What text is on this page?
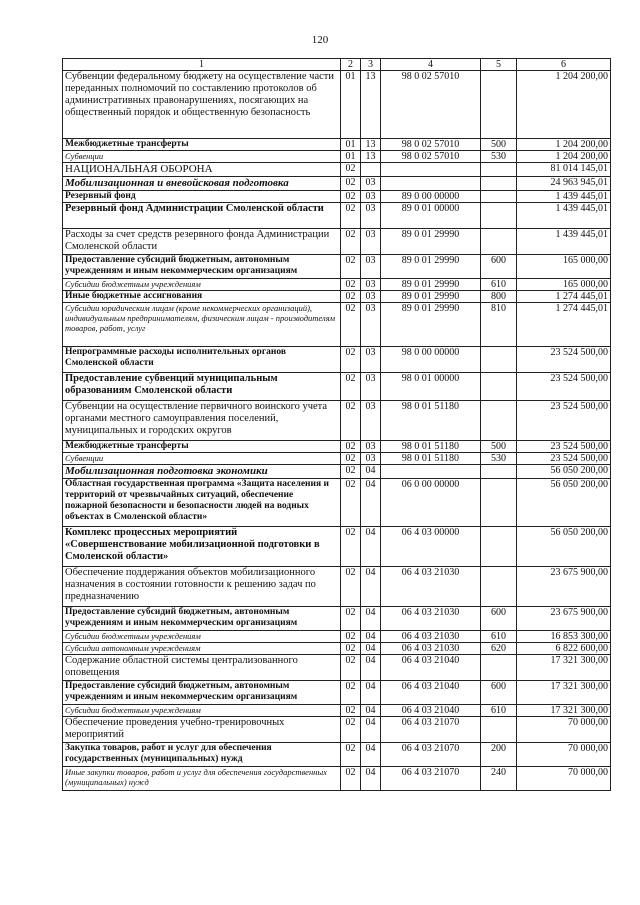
120
1	2	3	4	5	6
Субвенции федеральному бюджету на осуществление части переданных полномочий по составлению протоколов об административных правонарушениях, посягающих на общественный порядок и общественную безопасность	01	13	98 0 02 57010		1 204 200,00
Межбюджетные трансферты	01	13	98 0 02 57010	500	1 204 200,00
Субвенции	01	13	98 0 02 57010	530	1 204 200,00
НАЦИОНАЛЬНАЯ ОБОРОНА	02				81 014 145,01
Мобилизационная и вневойсковая подготовка	02	03			24 963 945,01
Резервный фонд	02	03	89 0 00 00000		1 439 445,01
Резервный фонд Администрации Смоленской области	02	03	89 0 01 00000		1 439 445,01
Расходы за счет средств резервного фонда Администрации Смоленской области	02	03	89 0 01 29990		1 439 445,01
Предоставление субсидий бюджетным, автономным учреждениям и иным некоммерческим организациям	02	03	89 0 01 29990	600	165 000,00
Субсидии бюджетным учреждениям	02	03	89 0 01 29990	610	165 000,00
Иные бюджетные ассигнования	02	03	89 0 01 29990	800	1 274 445,01
Субсидии юридическим лицам (кроме некоммерческих организаций), индивидуальным предпринимателям, физическим лицам - производителям товаров, работ, услуг	02	03	89 0 01 29990	810	1 274 445,01
Непрограммные расходы исполнительных органов Смоленской области	02	03	98 0 00 00000		23 524 500,00
Предоставление субвенций муниципальным образованиям Смоленской области	02	03	98 0 01 00000		23 524 500,00
Субвенции на осуществление первичного воинского учета органами местного самоуправления поселений, муниципальных и городских округов	02	03	98 0 01 51180		23 524 500,00
Межбюджетные трансферты	02	03	98 0 01 51180	500	23 524 500,00
Субвенции	02	03	98 0 01 51180	530	23 524 500,00
Мобилизационная подготовка экономики	02	04			56 050 200,00
Областная государственная программа «Защита населения и территорий от чрезвычайных ситуаций, обеспечение пожарной безопасности и безопасности людей на водных объектах в Смоленской области»	02	04	06 0 00 00000		56 050 200,00
Комплекс процессных мероприятий «Совершенствование мобилизационной подготовки в Смоленской области»	02	04	06 4 03 00000		56 050 200,00
Обеспечение поддержания объектов мобилизационного назначения в состоянии готовности к решению задач по предназначению	02	04	06 4 03 21030		23 675 900,00
Предоставление субсидий бюджетным, автономным учреждениям и иным некоммерческим организациям	02	04	06 4 03 21030	600	23 675 900,00
Субсидии бюджетным учреждениям	02	04	06 4 03 21030	610	16 853 300,00
Субсидии автономным учреждениям	02	04	06 4 03 21030	620	6 822 600,00
Содержание областной системы централизованного оповещения	02	04	06 4 03 21040		17 321 300,00
Предоставление субсидий бюджетным, автономным учреждениям и иным некоммерческим организациям	02	04	06 4 03 21040	600	17 321 300,00
Субсидии бюджетным учреждениям	02	04	06 4 03 21040	610	17 321 300,00
Обеспечение проведения учебно-тренировочных мероприятий	02	04	06 4 03 21070		70 000,00
Закупка товаров, работ и услуг для обеспечения государственных (муниципальных) нужд	02	04	06 4 03 21070	200	70 000,00
Иные закупки товаров, работ и услуг для обеспечения государственных (муниципальных) нужд	02	04	06 4 03 21070	240	70 000,00
